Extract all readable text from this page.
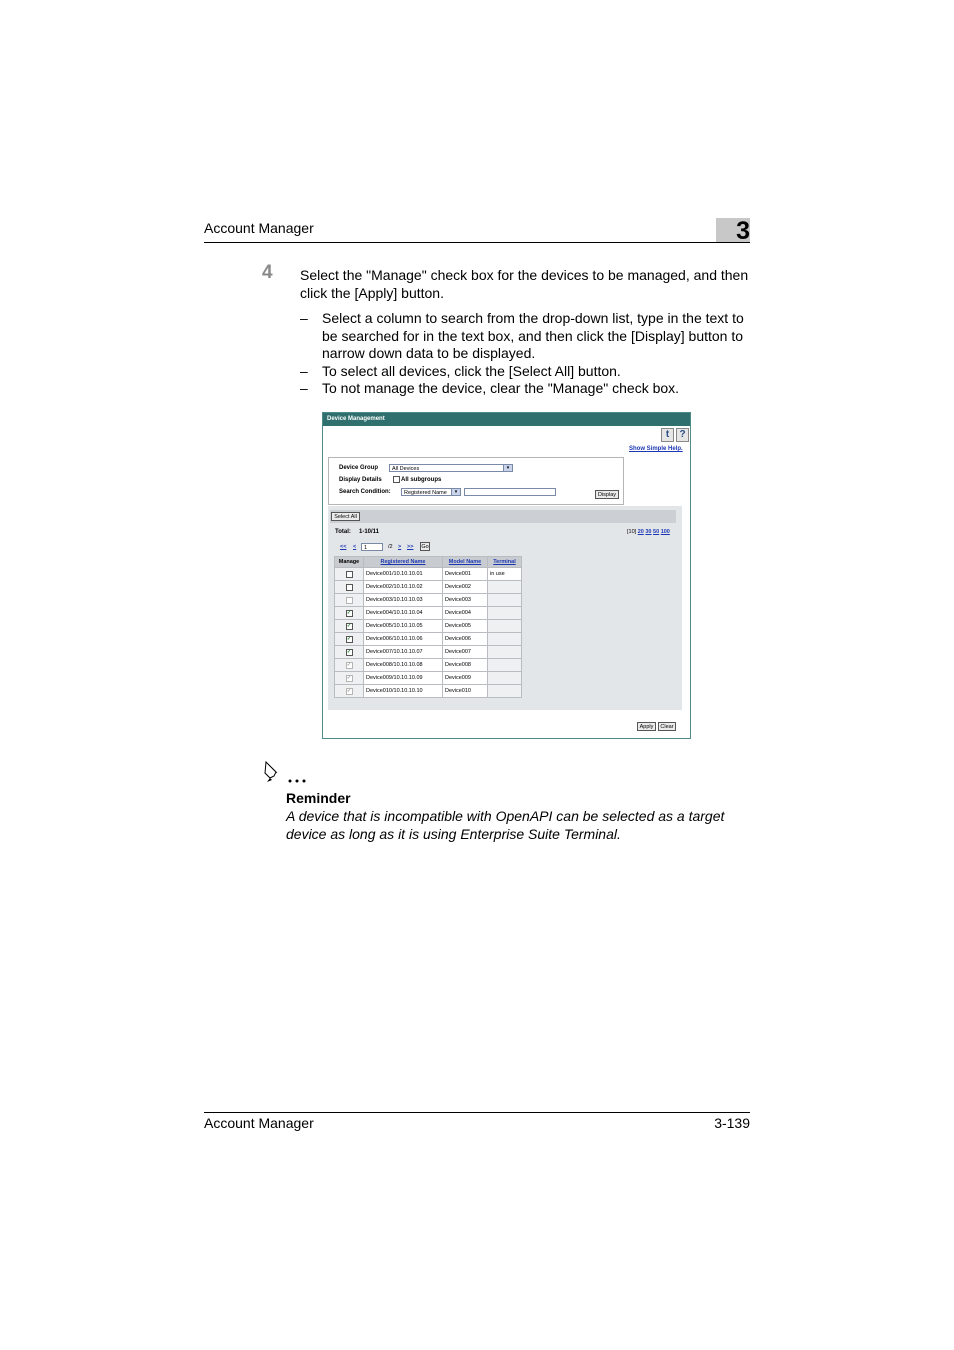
Account Manager	3
4 Select the "Manage" check box for the devices to be managed, and then click the [Apply] button.
– Select a column to search from the drop-down list, type in the text to be searched for in the text box, and then click the [Display] button to narrow down data to be displayed.
– To select all devices, click the [Select All] button.
– To not manage the device, clear the "Manage" check box.
Device Management
t	?
Show Simple Help.
Device Group	All Devices	▾
Display Details	All subgroups
Search Condition:	Registered Name	▾	Display
Select All
Total: 1-10/11	[10] 20 30 50 100
<< <	1	/2 > >> Go
Manage	Registered Name	Model Name	Terminal
	Device001/10.10.10.01	Device001	in use
	Device002/10.10.10.02	Device002	
	Device003/10.10.10.03	Device003	
✓	Device004/10.10.10.04	Device004	
✓	Device005/10.10.10.05	Device005	
✓	Device006/10.10.10.06	Device006	
✓	Device007/10.10.10.07	Device007	
✓	Device008/10.10.10.08	Device008	
✓	Device009/10.10.10.09	Device009	
✓	Device010/10.10.10.10	Device010	
Apply	Clear
Reminder
A device that is incompatible with OpenAPI can be selected as a target device as long as it is using Enterprise Suite Terminal.
Account Manager	3-139
